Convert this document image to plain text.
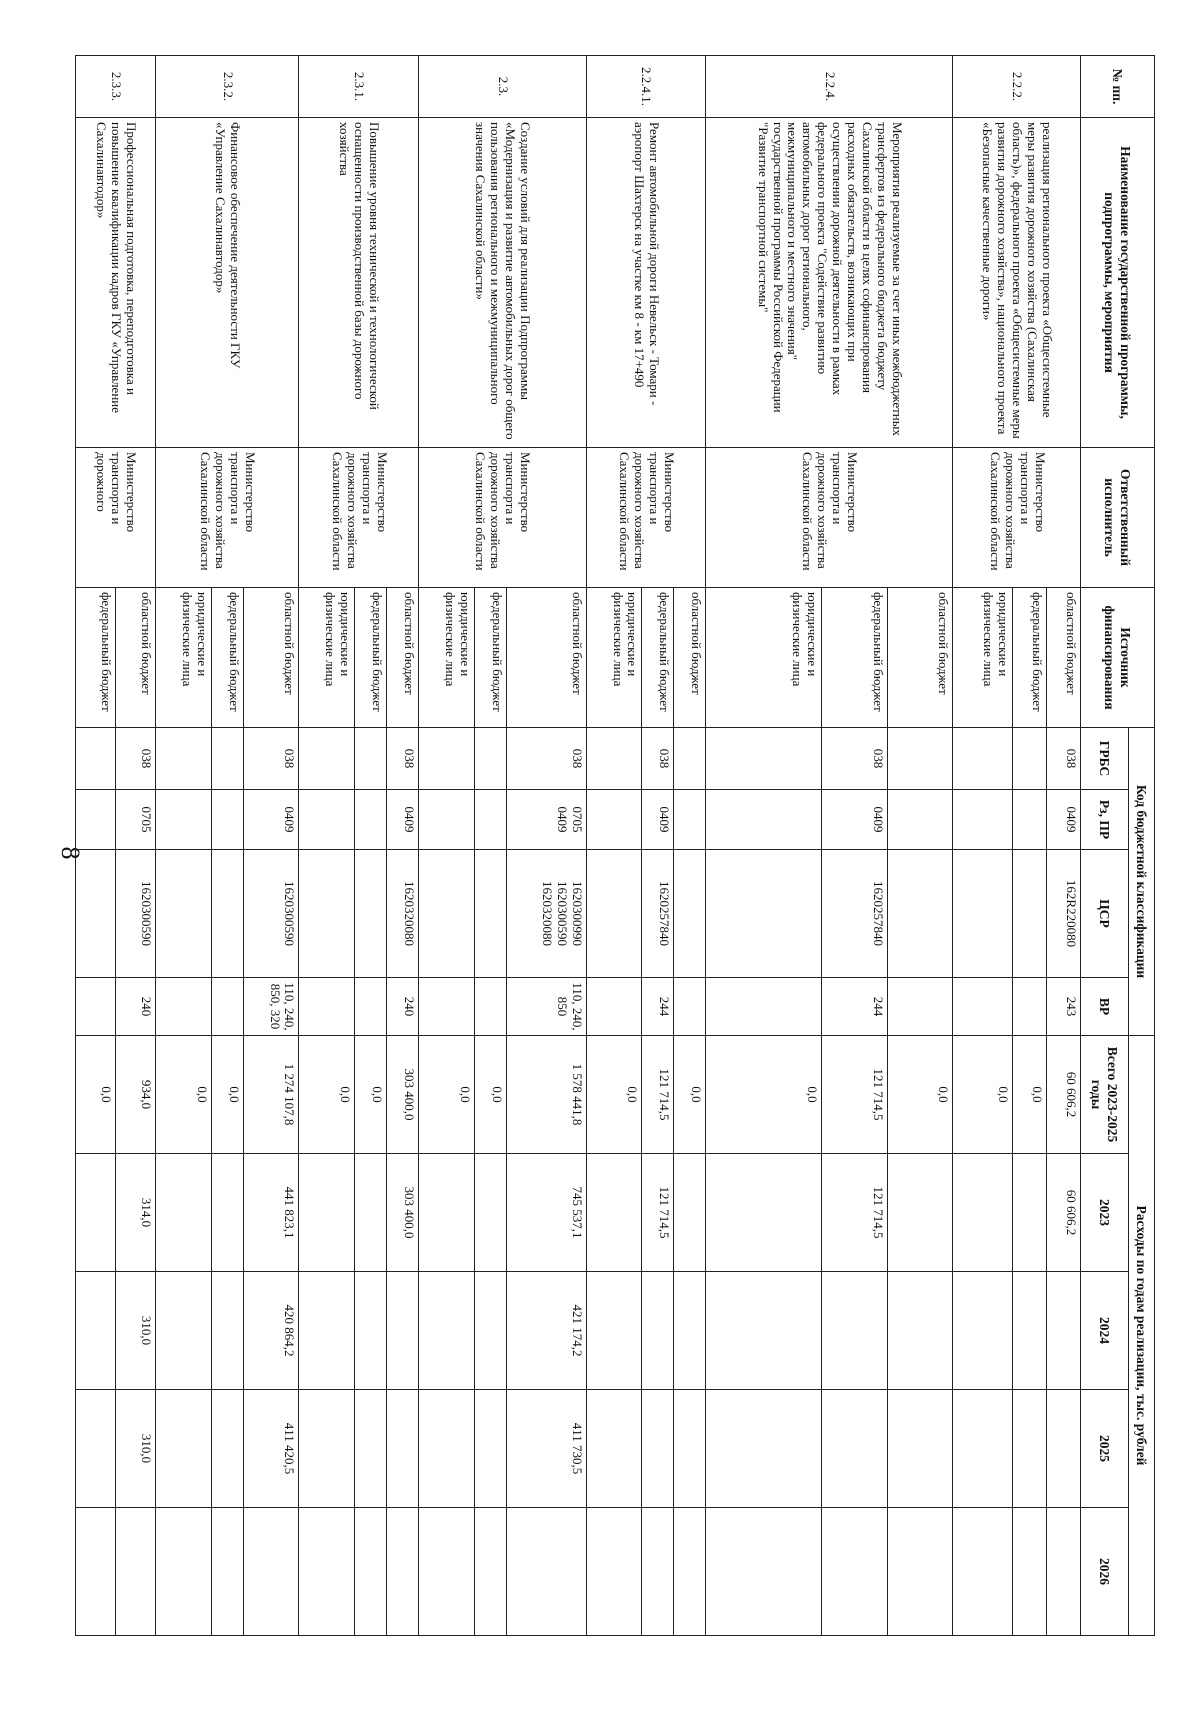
8
№ пп.	Наименование государственной программы, подпрограммы, мероприятия	Ответственный исполнитель	Источник финансирования	Код бюджетной классификации				Расходы по годам реализации, тыс. рублей				
				ГРБС	Рз, ПР	ЦСР	ВР	Всего 2023-2025 годы	2023	2024	2025	2026
2.2.2.	реализация регионального проекта «Общесистемные меры развития дорожного хозяйства (Сахалинская область)», федерального проекта «Общесистемные меры развития дорожного хозяйства», национального проекта «Безопасные качественные дороги»	Министерство транспорта и дорожного хозяйства Сахалинской области	областной бюджет	038	0409	162R220080	243	60 606,2	60 606,2			
			федеральный бюджет					0,0				
			юридические и физические лица					0,0				
2.2.4.	Мероприятия реализуемые за счет иных межбюджетных трансфертов из федерального бюджета бюджету Сахалинской области в целях софинансирования расходных обязательств, возникающих при осуществлении дорожной деятельности в рамках федерального проекта "Содействие развитию автомобильных дорог регионального, межмуниципального и местного значения" государственной программы Российской Федерации "Развитие транспортной системы"	Министерство транспорта и дорожного хозяйства Сахалинской области	областной бюджет					0,0				
			федеральный бюджет	038	0409	1620257840	244	121 714,5	121 714,5			
			юридические и физические лица					0,0				
2.2.4.1.	Ремонт автомобильной дороги Невельск - Томари - аэропорт Шахтерск на участке км 8 - км 17+490	Министерство транспорта и дорожного хозяйства Сахалинской области	областной бюджет					0,0				
			федеральный бюджет	038	0409	1620257840	244	121 714,5	121 714,5			
			юридические и физические лица					0,0				
2.3.	Создание условий для реализации Подпрограммы «Модернизация и развитие автомобильных дорог общего пользования регионального и межмуниципального значения Сахалинской области»	Министерство транспорта и дорожного хозяйства Сахалинской области	областной бюджет	038	0705 0409	1620300990 1620300590 1620320080	110, 240, 850	1 578 441,8	745 537,1	421 174,2	411 730,5	
			федеральный бюджет					0,0				
			юридические и физические лица					0,0				
2.3.1.	Повышение уровня технической и технологической оснащенности производственной базы дорожного хозяйства	Министерство транспорта и дорожного хозяйства Сахалинской области	областной бюджет	038	0409	1620320080	240	303 400,0	303 400,0			
			федеральный бюджет					0,0				
			юридические и физические лица					0,0				
2.3.2.	Финансовое обеспечение деятельности ГКУ «Управление Сахалинавтодор»	Министерство транспорта и дорожного хозяйства Сахалинской области	областной бюджет	038	0409	1620300590	110, 240, 850, 320	1 274 107,8	441 823,1	420 864,2	411 420,5	
			федеральный бюджет					0,0				
			юридические и физические лица					0,0				
2.3.3.	Профессиональная подготовка, переподготовка и повышение квалификации кадров ГКУ «Управление Сахалинавтодор»	Министерство транспорта и дорожного	областной бюджет	038	0705	1620300590	240	934,0	314,0	310,0	310,0	
			федеральный бюджет					0,0				
